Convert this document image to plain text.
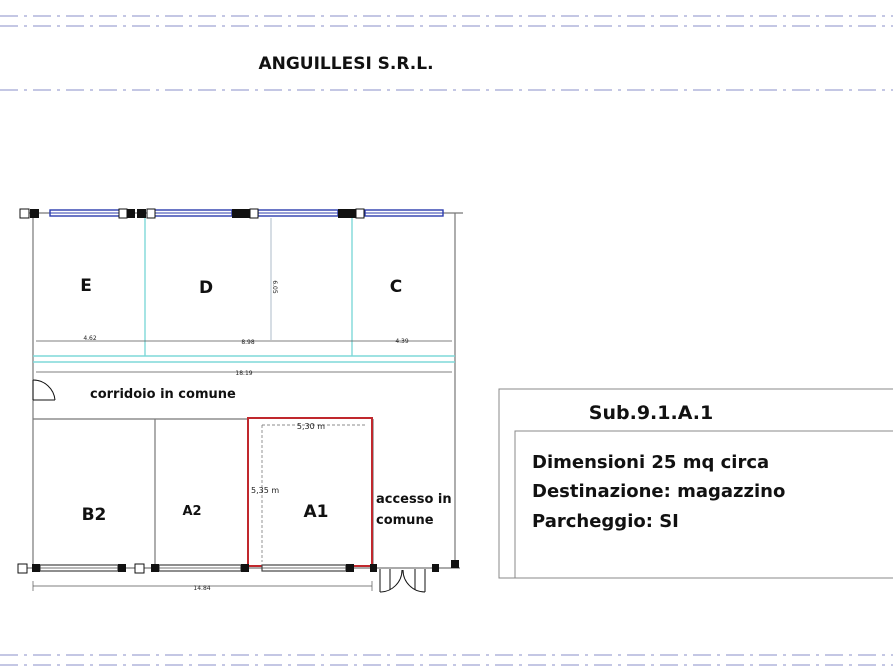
ANGUILLESI S.R.L.
4.62
8.98	4.39
6.05
18.19
E	D	C
corridoio in comune
5,30 m
5,35 m
B2	A2	A1
accesso in
comune
14.84
Sub.9.1.A.1
Dimensioni 25 mq circa
Destinazione: magazzino
Parcheggio: SI
